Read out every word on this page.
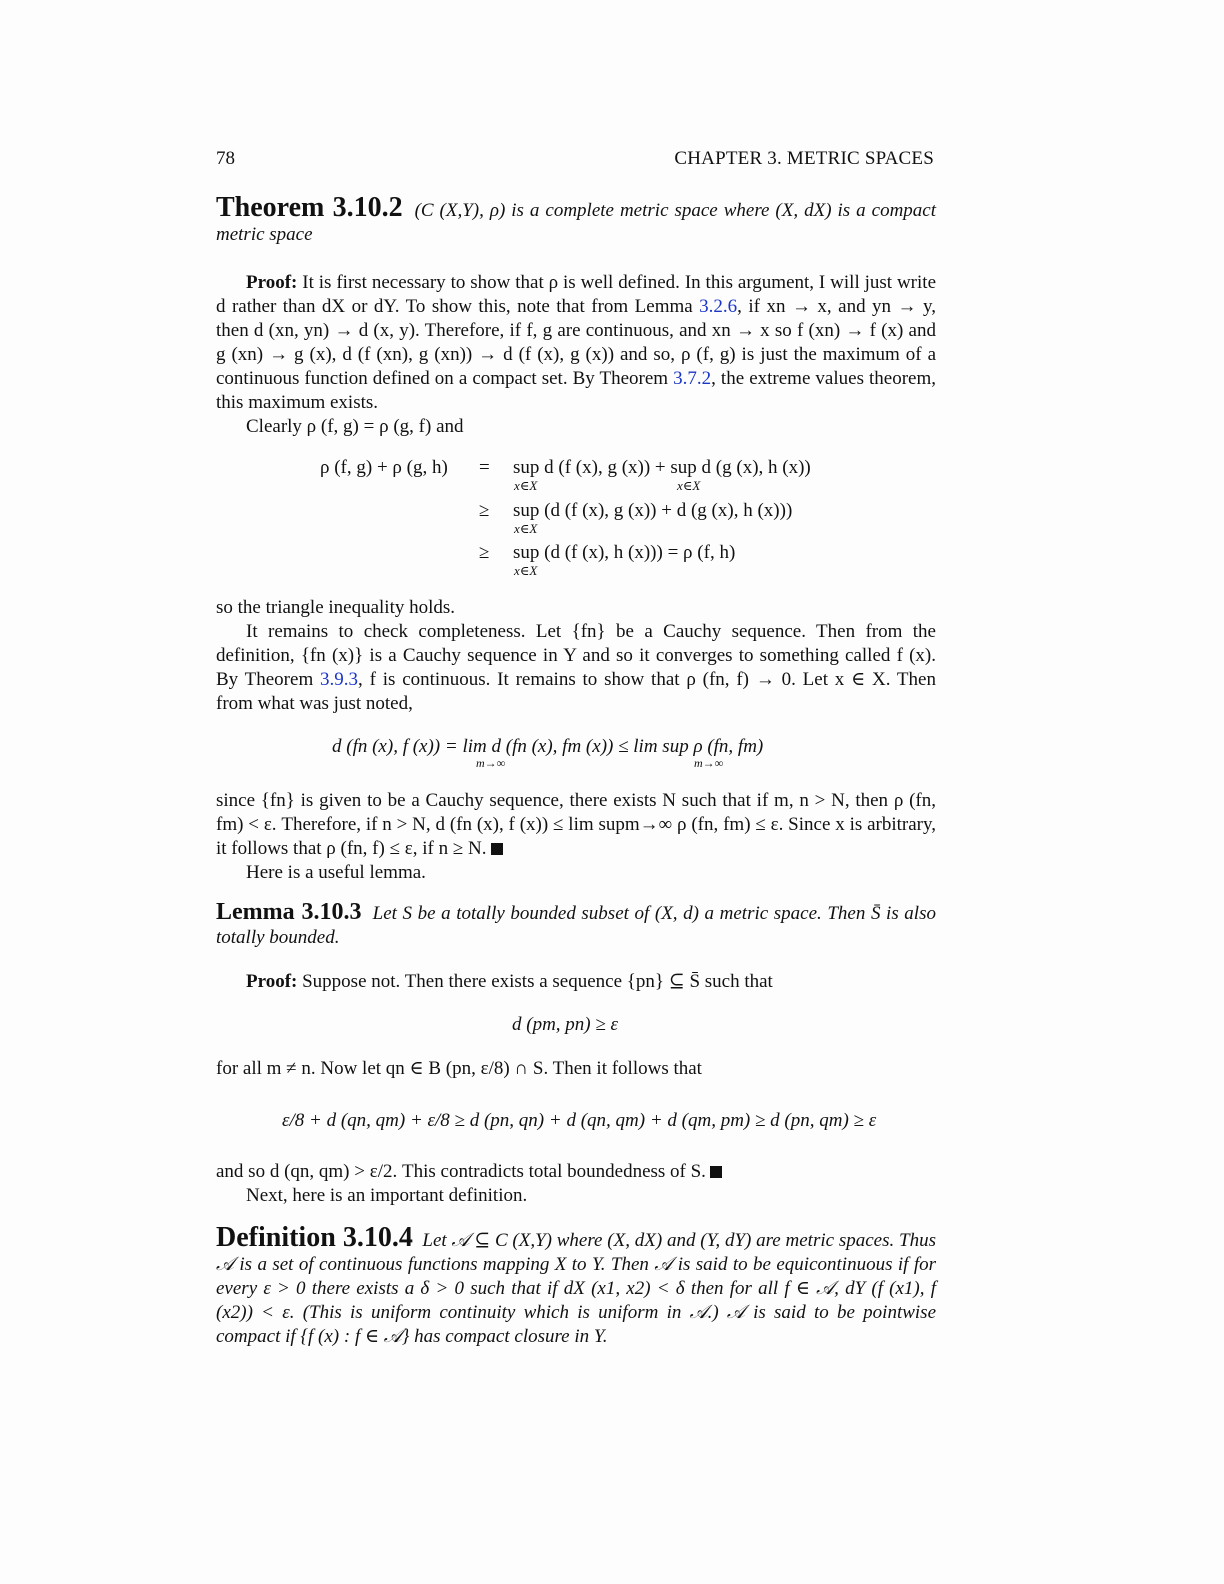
78	CHAPTER 3. METRIC SPACES

Theorem 3.10.2 (C (X,Y), ρ) is a complete metric space where (X, dX) is a compact metric space

Proof: It is first necessary to show that ρ is well defined. In this argument, I will just write d rather than dX or dY. To show this, note that from Lemma 3.2.6, if xn → x, and yn → y, then d (xn, yn) → d (x, y). Therefore, if f, g are continuous, and xn → x so f (xn) → f (x) and g (xn) → g (x), d (f (xn), g (xn)) → d (f (x), g (x)) and so, ρ (f, g) is just the maximum of a continuous function defined on a compact set. By Theorem 3.7.2, the extreme values theorem, this maximum exists.

Clearly ρ (f, g) = ρ (g, f) and

ρ (f, g) + ρ (g, h) = sup d (f (x), g (x)) + sup d (g (x), h (x))
x∈X	x∈X
≥ sup (d (f (x), g (x)) + d (g (x), h (x)))
x∈X
≥ sup (d (f (x), h (x))) = ρ (f, h)
x∈X

so the triangle inequality holds.

It remains to check completeness. Let {fn} be a Cauchy sequence. Then from the definition, {fn (x)} is a Cauchy sequence in Y and so it converges to something called f (x). By Theorem 3.9.3, f is continuous. It remains to show that ρ (fn, f) → 0. Let x ∈ X. Then from what was just noted,

d (fn (x), f (x)) = lim d (fn (x), fm (x)) ≤ lim sup ρ (fn, fm)
m→∞	m→∞

since {fn} is given to be a Cauchy sequence, there exists N such that if m, n > N, then ρ (fn, fm) < ε. Therefore, if n > N, d (fn (x), f (x)) ≤ lim supm→∞ ρ (fn, fm) ≤ ε. Since x is arbitrary, it follows that ρ (fn, f) ≤ ε, if n ≥ N.

Here is a useful lemma.

Lemma 3.10.3 Let S be a totally bounded subset of (X, d) a metric space. Then S̄ is also totally bounded.

Proof: Suppose not. Then there exists a sequence {pn} ⊆ S̄ such that

d (pm, pn) ≥ ε

for all m ≠ n. Now let qn ∈ B (pn, ε/8) ∩ S. Then it follows that

ε/8 + d (qn, qm) + ε/8 ≥ d (pn, qn) + d (qn, qm) + d (qm, pm) ≥ d (pn, qm) ≥ ε

and so d (qn, qm) > ε/2. This contradicts total boundedness of S.

Next, here is an important definition.

Definition 3.10.4 Let 𝒜 ⊆ C (X,Y) where (X, dX) and (Y, dY) are metric spaces. Thus 𝒜 is a set of continuous functions mapping X to Y. Then 𝒜 is said to be equicontinuous if for every ε > 0 there exists a δ > 0 such that if dX (x1, x2) < δ then for all f ∈ 𝒜, dY (f (x1), f (x2)) < ε. (This is uniform continuity which is uniform in 𝒜.) 𝒜 is said to be pointwise compact if {f (x) : f ∈ 𝒜} has compact closure in Y.
